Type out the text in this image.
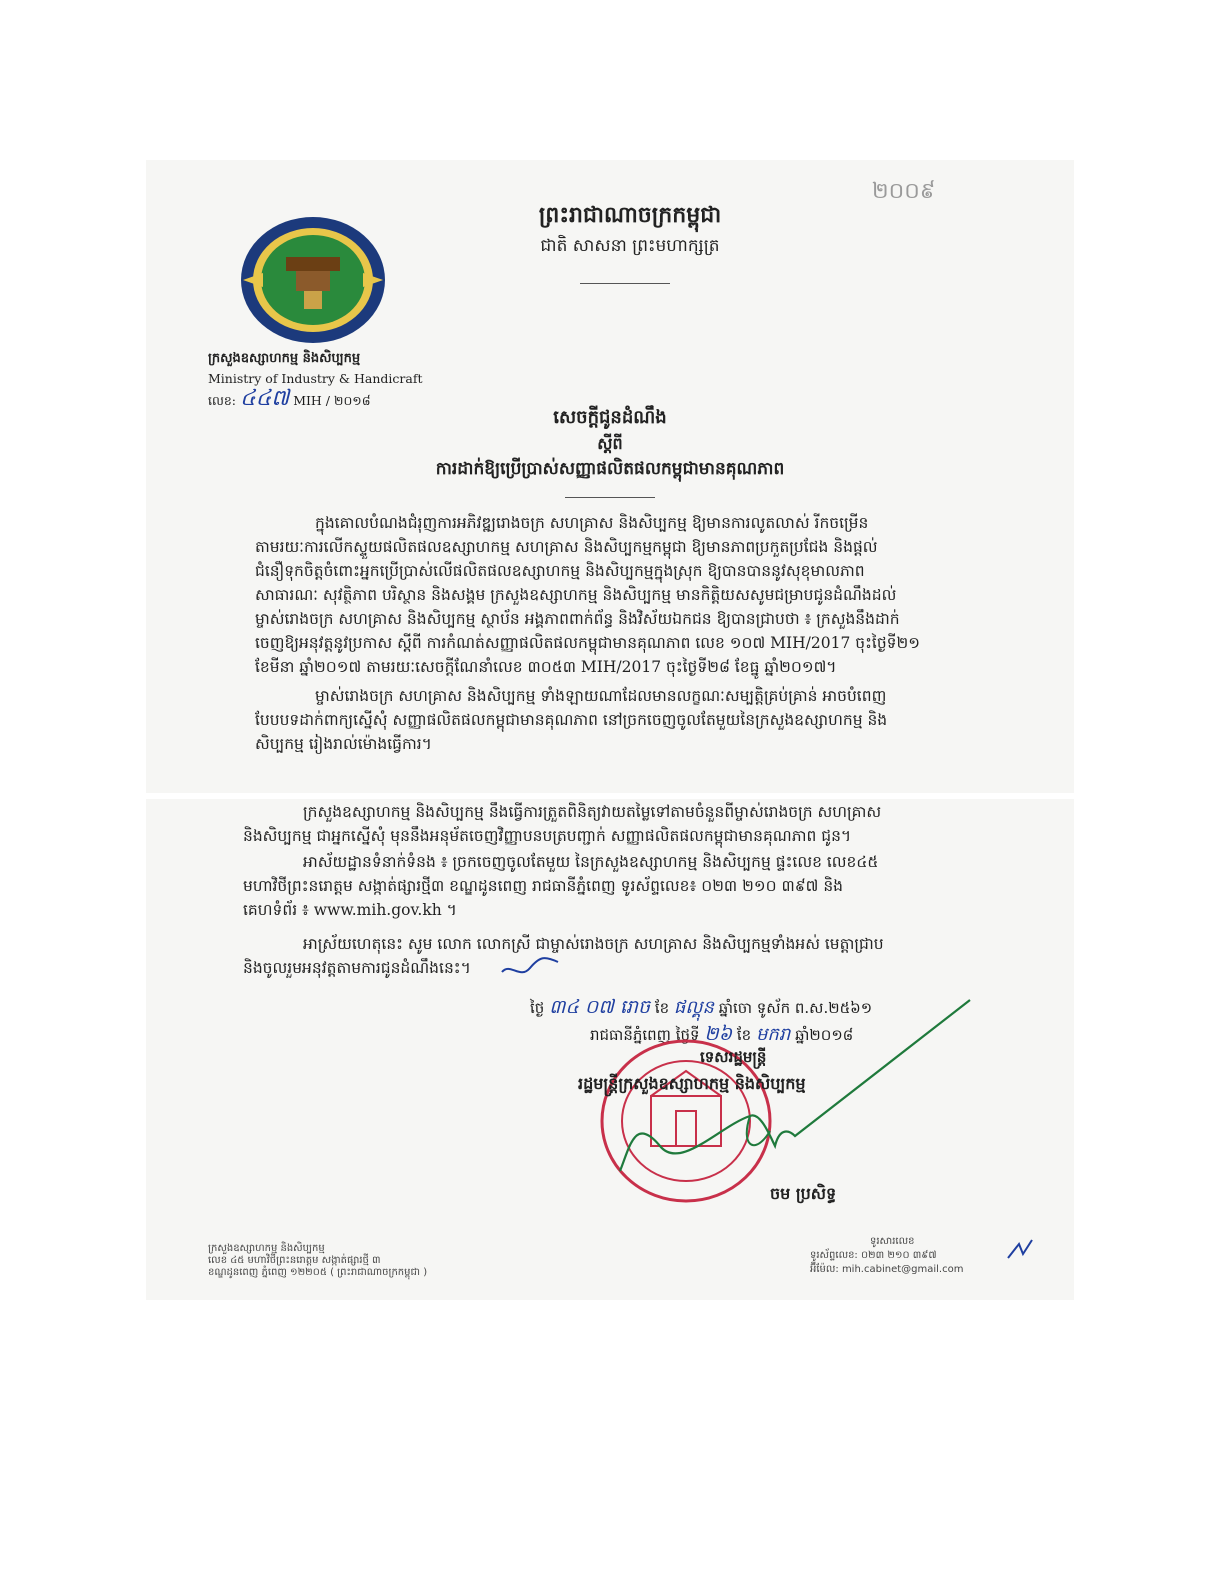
២០០៩
ក្រសួងឧស្សាហកម្ម និងសិប្បកម្ម
Ministry of Industry & Handicraft
លេខ: ៤៤៧ MIH / ២០១៨
ព្រះរាជាណាចក្រកម្ពុជា
ជាតិ សាសនា ព្រះមហាក្សត្រ
សេចក្តីជូនដំណឹង
ស្តីពី
ការដាក់ឱ្យប្រើប្រាស់សញ្ញាផលិតផលកម្ពុជាមានគុណភាព
ក្នុងគោលបំណងជំរុញការអភិវឌ្ឍរោងចក្រ សហគ្រាស និងសិប្បកម្ម ឱ្យមានការលូតលាស់ រីកចម្រើន
តាមរយៈការលើកស្ទួយផលិតផលឧស្សាហកម្ម សហគ្រាស និងសិប្បកម្មកម្ពុជា ឱ្យមានភាពប្រកួតប្រជែង និងផ្តល់
ជំនឿទុកចិត្តចំពោះអ្នកប្រើប្រាស់លើផលិតផលឧស្សាហកម្ម និងសិប្បកម្មក្នុងស្រុក ឱ្យបានបាននូវសុខុមាលភាព
សាធារណៈ សុវត្ថិភាព បរិស្ថាន និងសង្គម ក្រសួងឧស្សាហកម្ម និងសិប្បកម្ម មានកិត្តិយសសូមជម្រាបជូនដំណឹងដល់
ម្ចាស់រោងចក្រ សហគ្រាស និងសិប្បកម្ម ស្ថាប័ន អង្គភាពពាក់ព័ន្ធ និងវិស័យឯកជន ឱ្យបានជ្រាបថា ៖ ក្រសួងនឹងដាក់
ចេញឱ្យអនុវត្តនូវប្រកាស ស្តីពី ការកំណត់សញ្ញាផលិតផលកម្ពុជាមានគុណភាព លេខ ១០៧ MIH/2017 ចុះថ្ងៃទី២១
ខែមីនា ឆ្នាំ២០១៧ តាមរយៈសេចក្តីណែនាំលេខ ៣០៥៣ MIH/2017 ចុះថ្ងៃទី២៨ ខែធ្នូ ឆ្នាំ២០១៧។
ម្ចាស់រោងចក្រ សហគ្រាស និងសិប្បកម្ម ទាំងឡាយណាដែលមានលក្ខណៈសម្បត្តិគ្រប់គ្រាន់ អាចបំពេញ
បែបបទដាក់ពាក្យស្នើសុំ សញ្ញាផលិតផលកម្ពុជាមានគុណភាព នៅច្រកចេញចូលតែមួយនៃក្រសួងឧស្សាហកម្ម និង
សិប្បកម្ម រៀងរាល់ម៉ោងធ្វើការ។
ក្រសួងឧស្សាហកម្ម និងសិប្បកម្ម នឹងធ្វើការត្រួតពិនិត្យវាយតម្លៃទៅតាមចំនួនពីម្ចាស់រោងចក្រ សហគ្រាស
និងសិប្បកម្ម ជាអ្នកស្នើសុំ មុននឹងអនុម័តចេញវិញ្ញាបនបត្របញ្ជាក់ សញ្ញាផលិតផលកម្ពុជាមានគុណភាព ជូន។
អាស័យដ្ឋានទំនាក់ទំនង ៖ ច្រកចេញចូលតែមួយ នៃក្រសួងឧស្សាហកម្ម និងសិប្បកម្ម ផ្ទះលេខ លេខ៤៥
មហាវិថីព្រះនរោត្តម សង្កាត់ផ្សារថ្មី៣ ខណ្ឌដូនពេញ រាជធានីភ្នំពេញ ទូរស័ព្ទលេខ៖ ០២៣ ២១០ ៣៩៧ និង
គេហទំព័រ ៖ www.mih.gov.kh ។
អាស្រ័យហេតុនេះ សូម លោក លោកស្រី ជាម្ចាស់រោងចក្រ សហគ្រាស និងសិប្បកម្មទាំងអស់ មេត្តាជ្រាប
និងចូលរួមអនុវត្តតាមការជូនដំណឹងនេះ។
ថ្ងៃ ៣៤ ០៧ រោច ខែ ផល្គុន ឆ្នាំចោ ទូស័ក ព.ស.២៥៦១
រាជធានីភ្នំពេញ ថ្ងៃទី ២៦ ខែ មករា ឆ្នាំ២០១៨
ទេសរដ្ឋមន្ត្រី
រដ្ឋមន្ត្រីក្រសួងឧស្សាហកម្ម និងសិប្បកម្ម
ចម ប្រសិទ្ធ
ក្រសួងឧស្សាហកម្ម និងសិប្បកម្ម
លេខ ៤៥ មហាវិថីព្រះនរោត្តម សង្កាត់ផ្សារថ្មី ៣
ខណ្ឌដូនពេញ ភ្នំពេញ ១២២០៥ ( ព្រះរាជាណាចក្រកម្ពុជា )
ទូរសារលេខ
ទូរស័ព្ទលេខ: ០២៣ ២១០ ៣៩៧
អ៊ីម៉ែល: mih.cabinet@gmail.com
